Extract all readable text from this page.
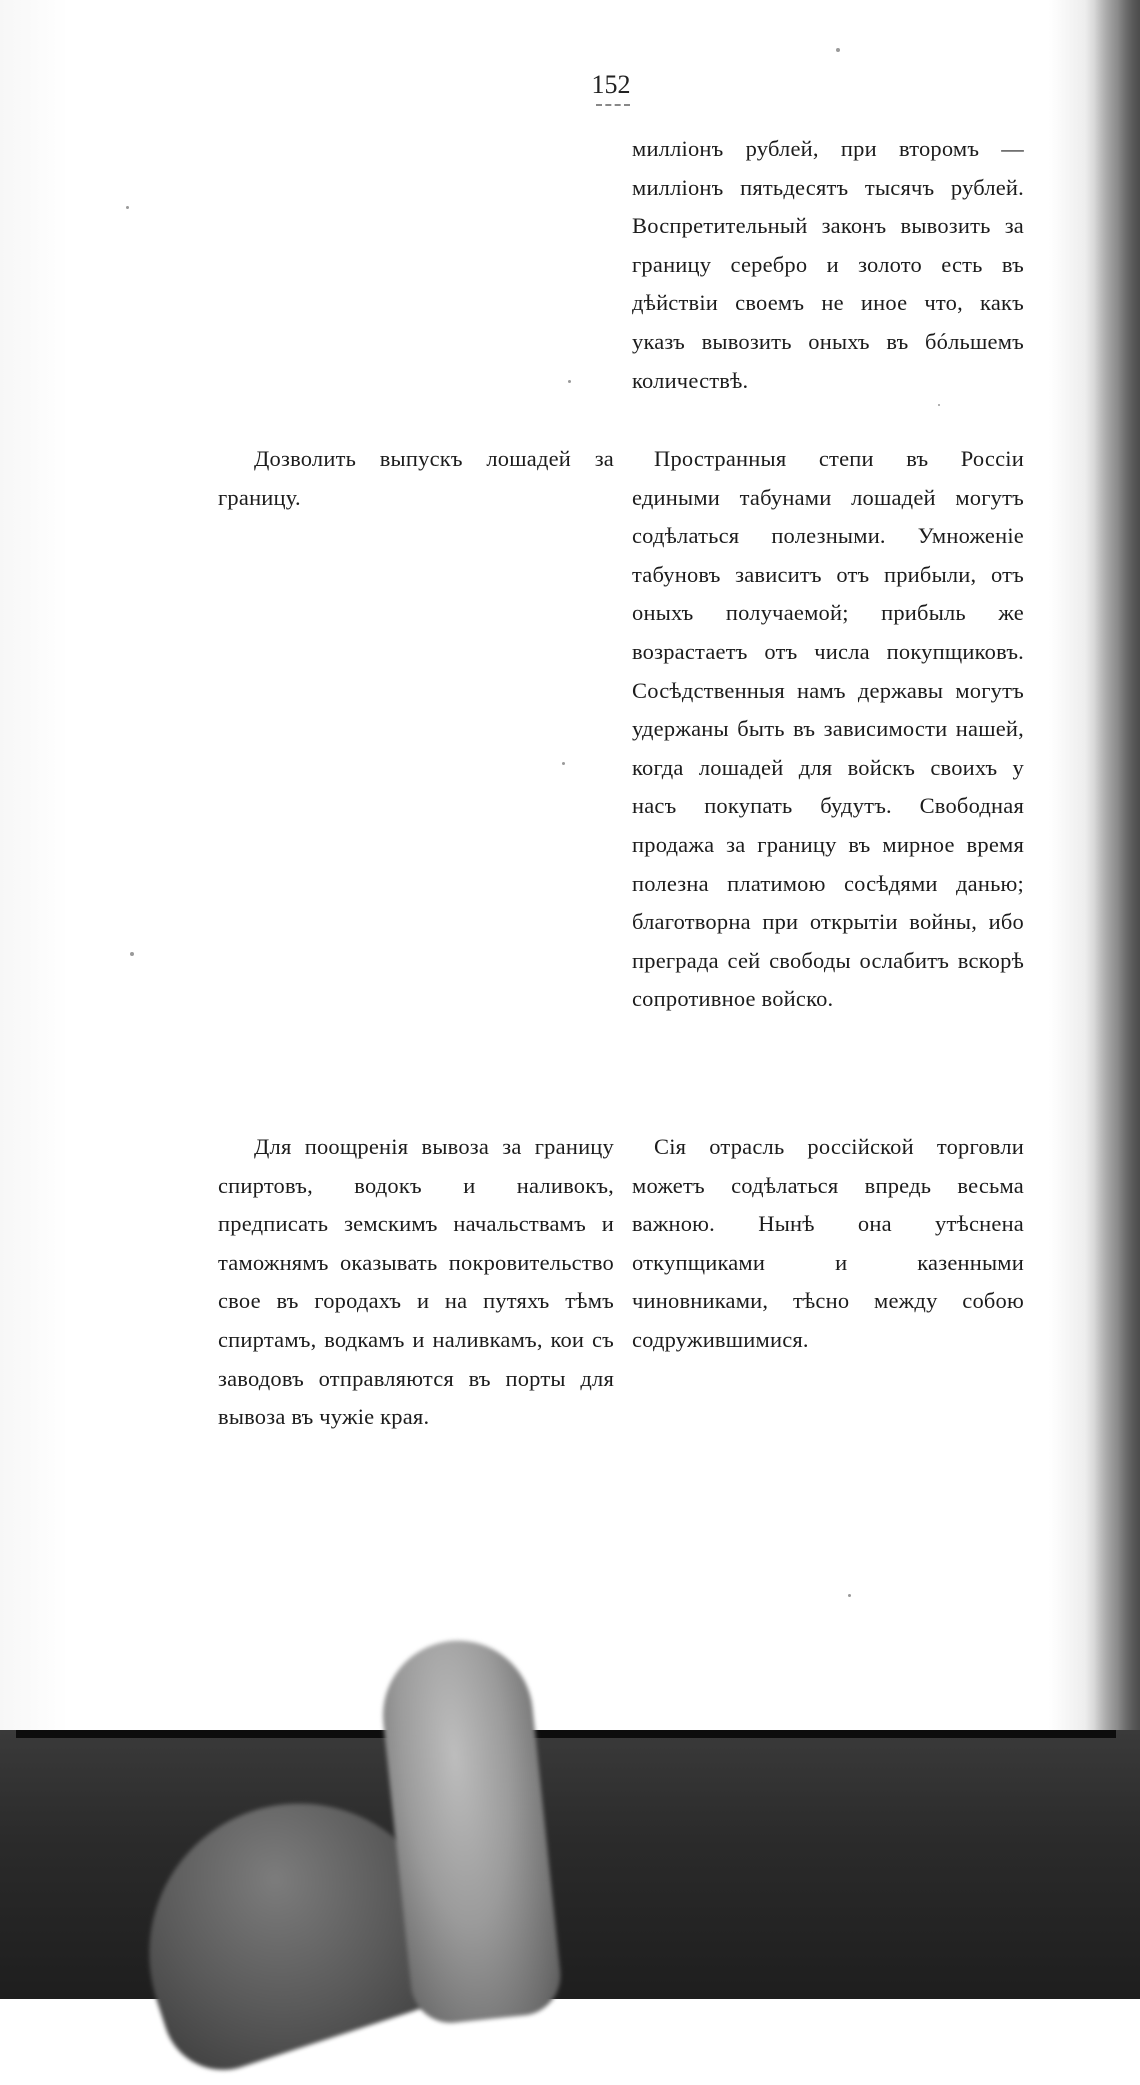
152

миллiонъ рублей, при второмъ — миллiонъ пятьдесятъ тысячъ рублей. Воспретительный законъ вывозить за границу серебро и золото есть въ дѣйствiи своемъ не иное что, какъ указъ вывозить оныхъ въ бóльшемъ количествѣ.

Пространныя степи въ Россiи едиными табунами лошадей могутъ содѣлаться полезными. Умноженiе табуновъ зависитъ отъ прибыли, отъ оныхъ получаемой; прибыль же возрастаетъ отъ числа покупщиковъ. Сосѣдственныя намъ державы могутъ удержаны быть въ зависимости нашей, когда лошадей для войскъ своихъ у насъ покупать будутъ. Свободная продажа за границу въ мирное время полезна платимою сосѣдями данью; благотворна при открытiи войны, ибо преграда сей свободы ослабитъ вскорѣ сопротивное войско.

Сiя отрасль россiйской торговли можетъ содѣлаться впредь весьма важною. Нынѣ она утѣснена откупщиками и казенными чиновниками, тѣсно между собою содружившимися.

Дозволить выпускъ лошадей за границу.

Для поощренiя вывоза за границу спиртовъ, водокъ и наливокъ, предписать земскимъ начальствамъ и таможнямъ оказывать покровительство свое въ городахъ и на путяхъ тѣмъ спиртамъ, водкамъ и наливкамъ, кои съ заводовъ отправляются въ порты для вывоза въ чужiе края.
